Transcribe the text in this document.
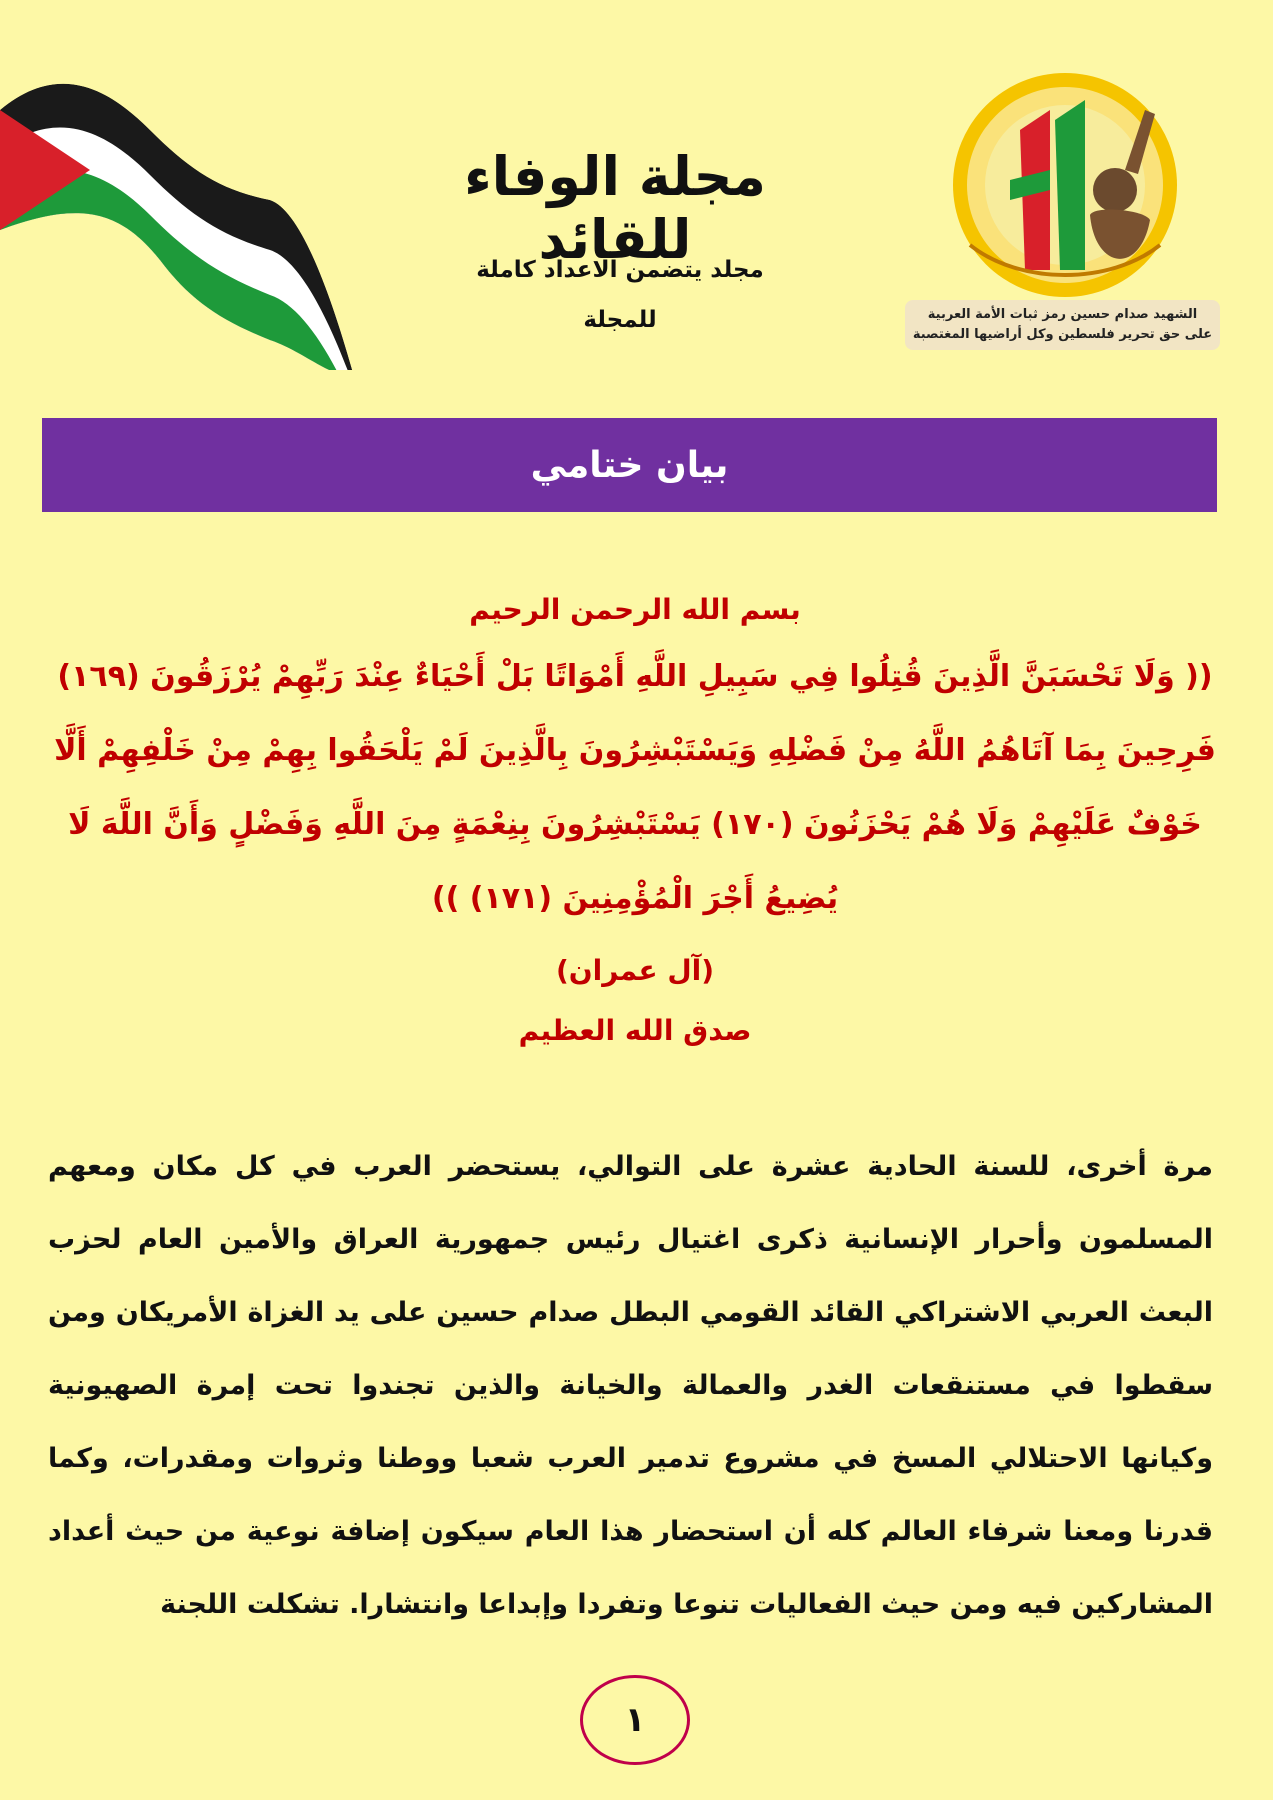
الشهيد صدام حسين رمز ثبات الأمة العربية
على حق تحرير فلسطين وكل أراضيها المغتصبة
مجلة الوفاء للقائد
مجلد يتضمن الاعداد كاملة
للمجلة
بيان ختامي
بسم الله الرحمن الرحيم
(( وَلَا تَحْسَبَنَّ الَّذِينَ قُتِلُوا فِي سَبِيلِ اللَّهِ أَمْوَاتًا بَلْ أَحْيَاءٌ عِنْدَ رَبِّهِمْ يُرْزَقُونَ (١٦٩) فَرِحِينَ بِمَا آتَاهُمُ اللَّهُ مِنْ فَضْلِهِ وَيَسْتَبْشِرُونَ بِالَّذِينَ لَمْ يَلْحَقُوا بِهِمْ مِنْ خَلْفِهِمْ أَلَّا خَوْفٌ عَلَيْهِمْ وَلَا هُمْ يَحْزَنُونَ (١٧٠) يَسْتَبْشِرُونَ بِنِعْمَةٍ مِنَ اللَّهِ وَفَضْلٍ وَأَنَّ اللَّهَ لَا يُضِيعُ أَجْرَ الْمُؤْمِنِينَ (١٧١) ))
(آل عمران)
صدق الله العظيم
مرة أخرى، للسنة الحادية عشرة على التوالي، يستحضر العرب في كل مكان ومعهم المسلمون وأحرار الإنسانية ذكرى اغتيال رئيس جمهورية العراق والأمين العام لحزب البعث العربي الاشتراكي القائد القومي البطل صدام حسين على يد الغزاة الأمريكان ومن سقطوا في مستنقعات الغدر والعمالة والخيانة والذين تجندوا تحت إمرة الصهيونية وكيانها الاحتلالي المسخ في مشروع تدمير العرب شعبا ووطنا وثروات ومقدرات، وكما قدرنا ومعنا شرفاء العالم كله أن استحضار هذا العام سيكون إضافة نوعية من حيث أعداد المشاركين فيه ومن حيث الفعاليات تنوعا وتفردا وإبداعا وانتشارا. تشكلت اللجنة
١
